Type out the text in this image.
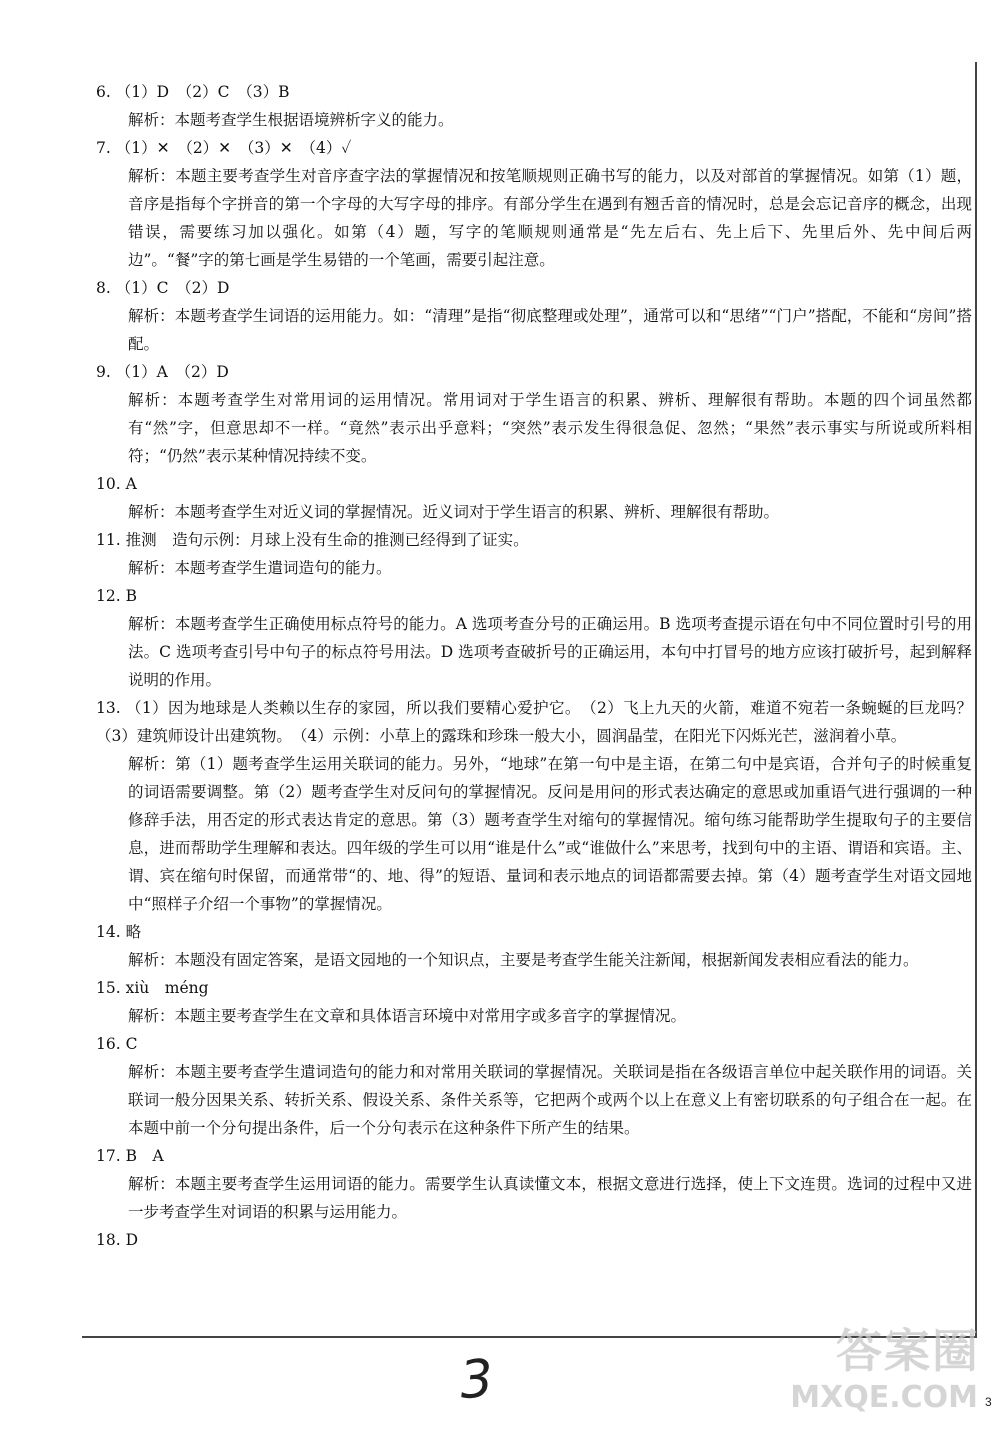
6. （1）D　（2）C　（3）B
解析：本题考查学生根据语境辨析字义的能力。
7. （1）✕　（2）✕　（3）✕　（4）✓
解析：本题主要考查学生对音序查字法的掌握情况和按笔顺规则正确书写的能力，以及对部首的掌握情况。如第（1）题，音序是指每个字拼音的第一个字母的大写字母的排序。有部分学生在遇到有翘舌音的情况时，总是会忘记音序的概念，出现错误，需要练习加以强化。如第（4）题，写字的笔顺规则通常是“先左后右、先上后下、先里后外、先中间后两边”。“餐”字的第七画是学生易错的一个笔画，需要引起注意。
8. （1）C　（2）D
解析：本题考查学生词语的运用能力。如：“清理”是指“彻底整理或处理”，通常可以和“思绪”“门户”搭配，不能和“房间”搭配。
9. （1）A　（2）D
解析：本题考查学生对常用词的运用情况。常用词对于学生语言的积累、辨析、理解很有帮助。本题的四个词虽然都有“然”字，但意思却不一样。“竟然”表示出乎意料；“突然”表示发生得很急促、忽然；“果然”表示事实与所说或所料相符；“仍然”表示某种情况持续不变。
10. A
解析：本题考查学生对近义词的掌握情况。近义词对于学生语言的积累、辨析、理解很有帮助。
11. 推测　造句示例：月球上没有生命的推测已经得到了证实。
解析：本题考查学生遣词造句的能力。
12. B
解析：本题考查学生正确使用标点符号的能力。A 选项考查分号的正确运用。B 选项考查提示语在句中不同位置时引号的用法。C 选项考查引号中句子的标点符号用法。D 选项考查破折号的正确运用，本句中打冒号的地方应该打破折号，起到解释说明的作用。
13. （1）因为地球是人类赖以生存的家园，所以我们要精心爱护它。　（2）飞上九天的火箭，难道不宛若一条蜿蜒的巨龙吗？　（3）建筑师设计出建筑物。　（4）示例：小草上的露珠和珍珠一般大小，圆润晶莹，在阳光下闪烁光芒，滋润着小草。
解析：第（1）题考查学生运用关联词的能力。另外，“地球”在第一句中是主语，在第二句中是宾语，合并句子的时候重复的词语需要调整。第（2）题考查学生对反问句的掌握情况。反问是用问的形式表达确定的意思或加重语气进行强调的一种修辞手法，用否定的形式表达肯定的意思。第（3）题考查学生对缩句的掌握情况。缩句练习能帮助学生提取句子的主要信息，进而帮助学生理解和表达。四年级的学生可以用“谁是什么”或“谁做什么”来思考，找到句中的主语、谓语和宾语。主、谓、宾在缩句时保留，而通常带“的、地、得”的短语、量词和表示地点的词语都需要去掉。第（4）题考查学生对语文园地中“照样子介绍一个事物”的掌握情况。
14. 略
解析：本题没有固定答案，是语文园地的一个知识点，主要是考查学生能关注新闻，根据新闻发表相应看法的能力。
15. xiù　méng
解析：本题主要考查学生在文章和具体语言环境中对常用字或多音字的掌握情况。
16. C
解析：本题主要考查学生遣词造句的能力和对常用关联词的掌握情况。关联词是指在各级语言单位中起关联作用的词语。关联词一般分因果关系、转折关系、假设关系、条件关系等，它把两个或两个以上在意义上有密切联系的句子组合在一起。在本题中前一个分句提出条件，后一个分句表示在这种条件下所产生的结果。
17. B　A
解析：本题主要考查学生运用词语的能力。需要学生认真读懂文本，根据文意进行选择，使上下文连贯。选词的过程中又进一步考查学生对词语的积累与运用能力。
18. D
3	答案圈
MXQE.COM 3
